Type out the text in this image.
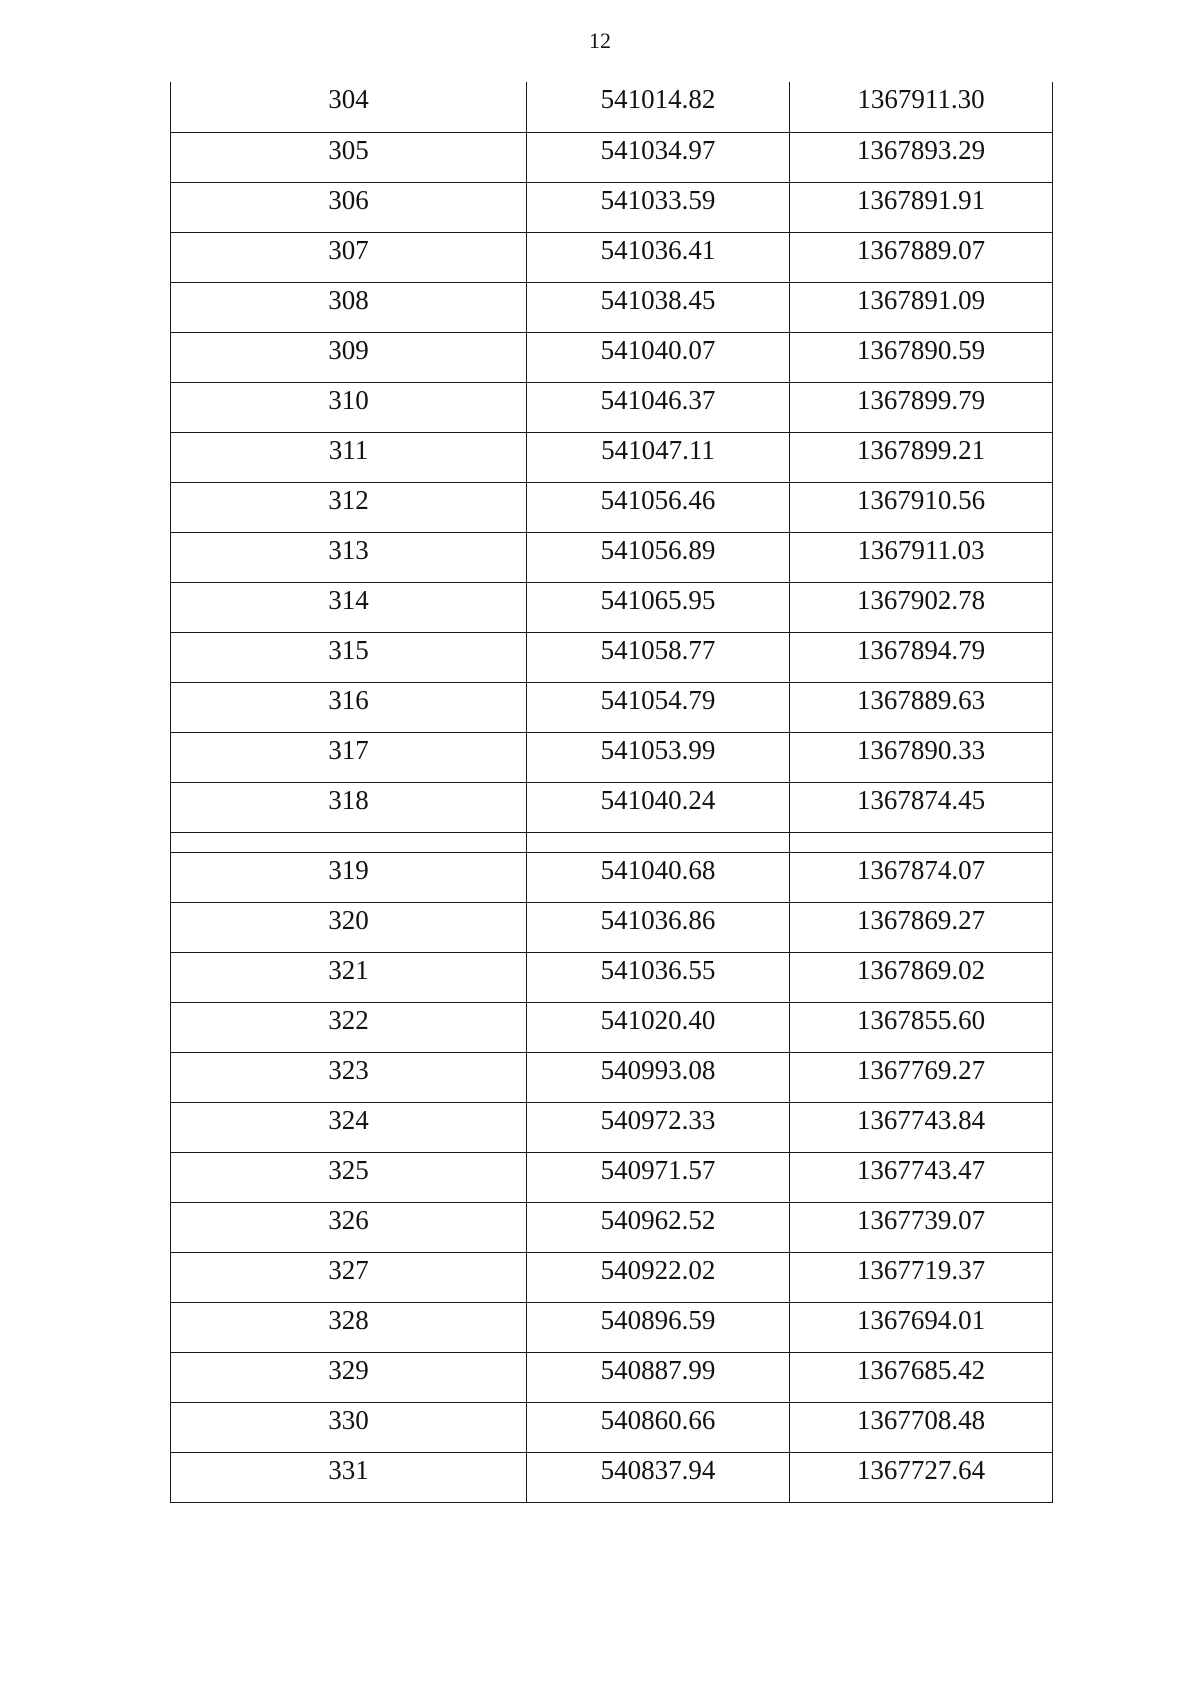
12
304	541014.82	1367911.30
305	541034.97	1367893.29
306	541033.59	1367891.91
307	541036.41	1367889.07
308	541038.45	1367891.09
309	541040.07	1367890.59
310	541046.37	1367899.79
311	541047.11	1367899.21
312	541056.46	1367910.56
313	541056.89	1367911.03
314	541065.95	1367902.78
315	541058.77	1367894.79
316	541054.79	1367889.63
317	541053.99	1367890.33
318	541040.24	1367874.45

319	541040.68	1367874.07
320	541036.86	1367869.27
321	541036.55	1367869.02
322	541020.40	1367855.60
323	540993.08	1367769.27
324	540972.33	1367743.84
325	540971.57	1367743.47
326	540962.52	1367739.07
327	540922.02	1367719.37
328	540896.59	1367694.01
329	540887.99	1367685.42
330	540860.66	1367708.48
331	540837.94	1367727.64
